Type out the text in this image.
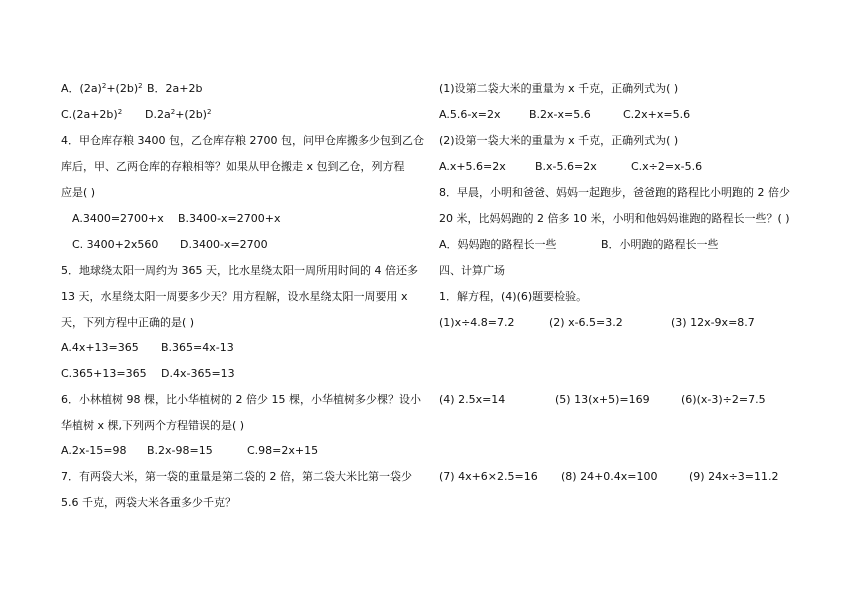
A．$(2a)^2+(2b)^2$ B．2a+2b
$C.(2a+2b)^2$ $D.2a^2+(2b)^2$
4．甲仓库存粮 3400 包，乙仓库存粮 2700 包，问甲仓库搬多少包到乙仓
库后，甲、乙两仓库的存粮相等？如果从甲仓搬走 x 包到乙仓，列方程
应是( )
A.3400=2700+x B.3400-x=2700+x
C. 3400+2x560 D.3400-x=2700
5．地球绕太阳一周约为 365 天，比水星绕太阳一周所用时间的 4 倍还多
13 天，水星绕太阳一周要多少天？用方程解，设水星绕太阳一周要用 x
天，下列方程中正确的是( )
A.4x+13=365 B.365=4x-13
C.365+13=365 D.4x-365=13
6．小林植树 98 棵，比小华植树的 2 倍少 15 棵，小华植树多少棵？设小
华植树 x 棵,下列两个方程错误的是( )
A.2x-15=98 B.2x-98=15	C.98=2x+15
7．有两袋大米，第一袋的重量是第二袋的 2 倍，第二袋大米比第一袋少
5.6 千克，两袋大米各重多少千克？
(1)设第二袋大米的重量为 x 千克，正确列式为( )
A.5.6-x=2x	B.2x-x=5.6	C.2x+x=5.6
(2)设第一袋大米的重量为 x 千克，正确列式为( )
A.x+5.6=2x	B.x-5.6=2x	C.x÷2=x-5.6
8．早晨，小明和爸爸、妈妈一起跑步，爸爸跑的路程比小明跑的 2 倍少
20 米，比妈妈跑的 2 倍多 10 米，小明和他妈妈谁跑的路程长一些？( )
A．妈妈跑的路程长一些	B．小明跑的路程长一些
四、计算广场
1．解方程，(4)(6)题要检验。
(1)x÷4.8=7.2	(2) x-6.5=3.2	(3) 12x-9x=8.7
(4) 2.5x=14	(5) 13(x+5)=169	(6)(x-3)÷2=7.5
(7) 4x+6×2.5=16 (8) 24+0.4x=100	(9) 24x÷3=11.2
